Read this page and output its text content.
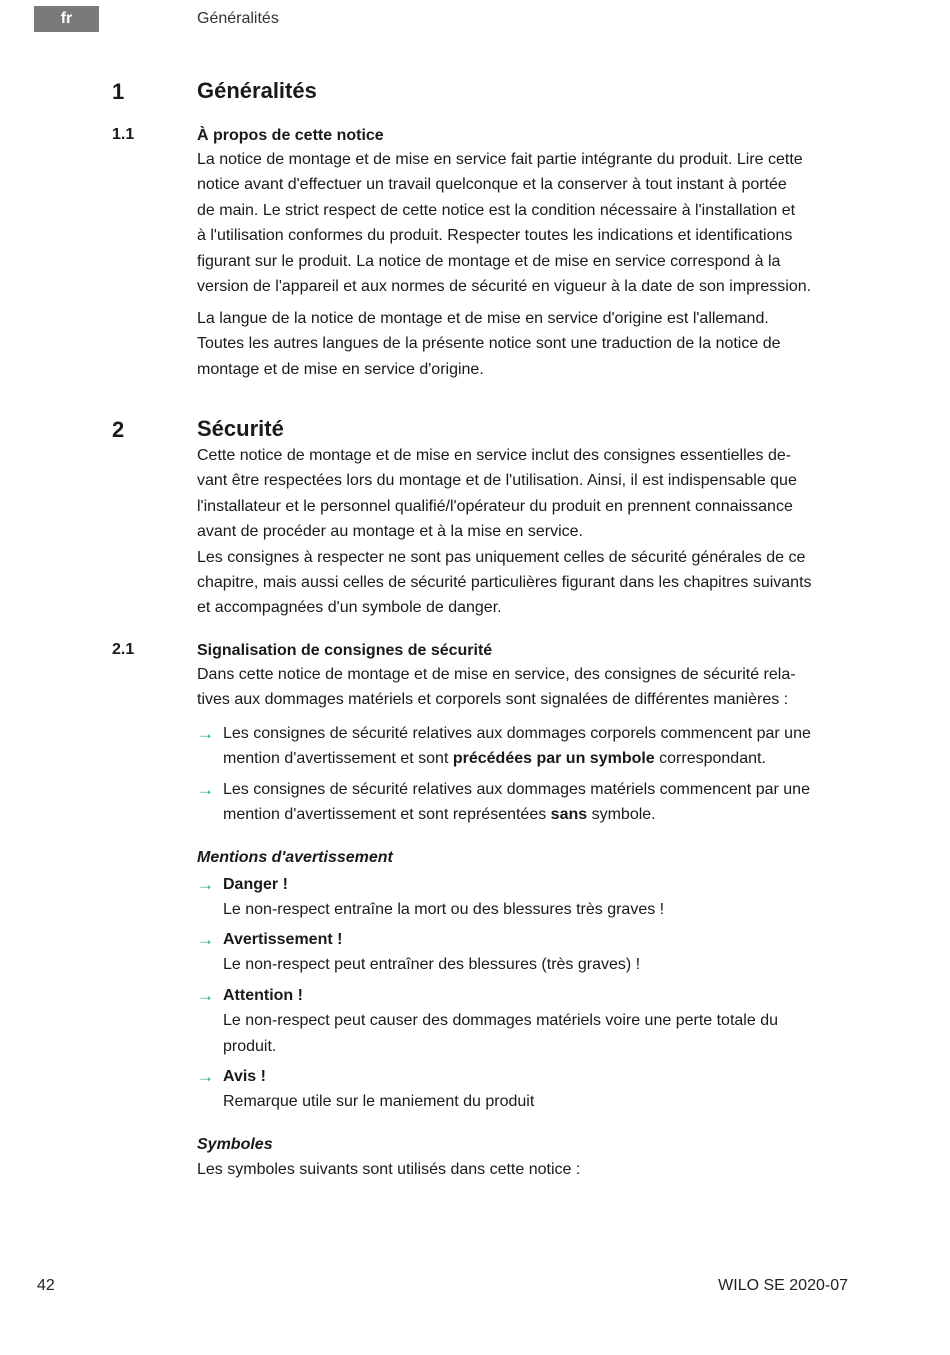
fr	Généralités
1	Généralités
1.1	À propos de cette notice
La notice de montage et de mise en service fait partie intégrante du produit. Lire cette
notice avant d'effectuer un travail quelconque et la conserver à tout instant à portée
de main. Le strict respect de cette notice est la condition nécessaire à l'installation et
à l'utilisation conformes du produit. Respecter toutes les indications et identifications
figurant sur le produit. La notice de montage et de mise en service correspond à la
version de l'appareil et aux normes de sécurité en vigueur à la date de son impression.
La langue de la notice de montage et de mise en service d'origine est l'allemand.
Toutes les autres langues de la présente notice sont une traduction de la notice de
montage et de mise en service d'origine.
2	Sécurité
Cette notice de montage et de mise en service inclut des consignes essentielles de-
vant être respectées lors du montage et de l'utilisation. Ainsi, il est indispensable que
l'installateur et le personnel qualifié/l'opérateur du produit en prennent connaissance
avant de procéder au montage et à la mise en service.
Les consignes à respecter ne sont pas uniquement celles de sécurité générales de ce
chapitre, mais aussi celles de sécurité particulières figurant dans les chapitres suivants
et accompagnées d'un symbole de danger.
2.1	Signalisation de consignes de sécurité
Dans cette notice de montage et de mise en service, des consignes de sécurité rela-
tives aux dommages matériels et corporels sont signalées de différentes manières :
→ Les consignes de sécurité relatives aux dommages corporels commencent par une
mention d'avertissement et sont précédées par un symbole correspondant.
→ Les consignes de sécurité relatives aux dommages matériels commencent par une
mention d'avertissement et sont représentées sans symbole.
Mentions d'avertissement
→ Danger !
Le non-respect entraîne la mort ou des blessures très graves !
→ Avertissement !
Le non-respect peut entraîner des blessures (très graves) !
→ Attention !
Le non-respect peut causer des dommages matériels voire une perte totale du
produit.
→ Avis !
Remarque utile sur le maniement du produit
Symboles
Les symboles suivants sont utilisés dans cette notice :
42	WILO SE 2020-07
